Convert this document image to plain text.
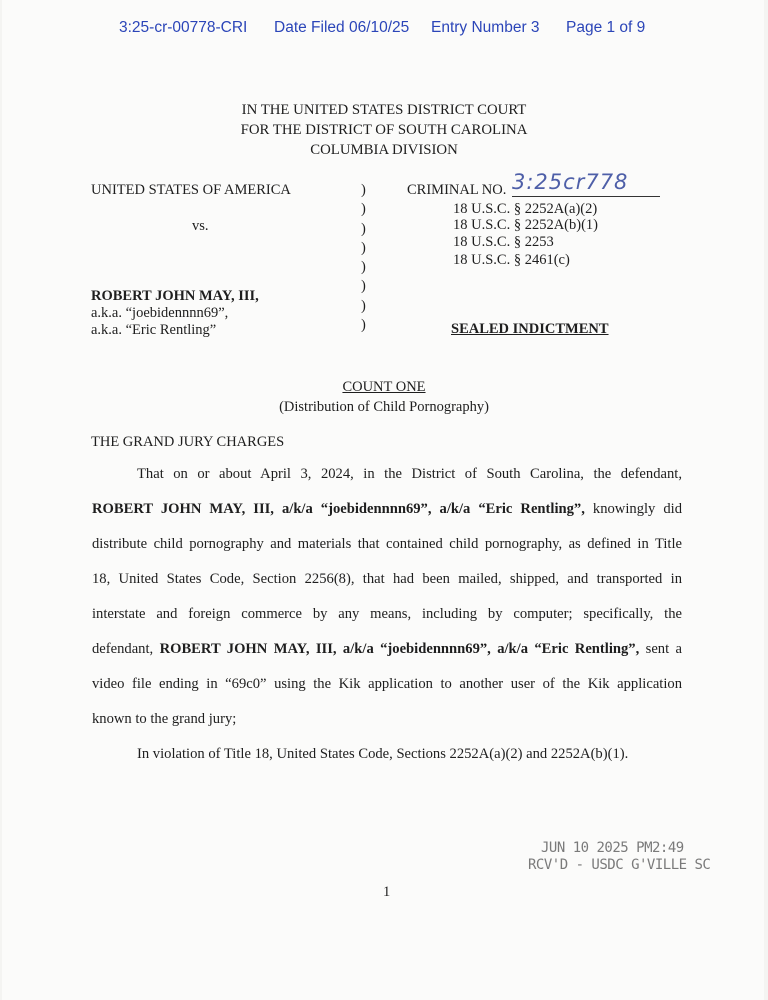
3:25-cr-00778-CRI Date Filed 06/10/25 Entry Number 3 Page 1 of 9
IN THE UNITED STATES DISTRICT COURT
FOR THE DISTRICT OF SOUTH CAROLINA
COLUMBIA DIVISION
UNITED STATES OF AMERICA
vs.
ROBERT JOHN MAY, III,
a.k.a. “joebidennnn69”,
a.k.a. “Eric Rentling”
)
)
)
)
)
)
)
)
CRIMINAL NO. 3:25cr778
18 U.S.C. § 2252A(a)(2)
18 U.S.C. § 2252A(b)(1)
18 U.S.C. § 2253
18 U.S.C. § 2461(c)
SEALED INDICTMENT
COUNT ONE
(Distribution of Child Pornography)
THE GRAND JURY CHARGES
That on or about April 3, 2024, in the District of South Carolina, the defendant,
ROBERT JOHN MAY, III, a/k/a “joebidennnn69”, a/k/a “Eric Rentling”, knowingly did
distribute child pornography and materials that contained child pornography, as defined in Title
18, United States Code, Section 2256(8), that had been mailed, shipped, and transported in
interstate and foreign commerce by any means, including by computer; specifically, the
defendant, ROBERT JOHN MAY, III, a/k/a “joebidennnn69”, a/k/a “Eric Rentling”, sent a
video file ending in “69c0” using the Kik application to another user of the Kik application
known to the grand jury;
In violation of Title 18, United States Code, Sections 2252A(a)(2) and 2252A(b)(1).
JUN 10 2025 PM2:49
RCV'D - USDC G'VILLE SC
1
